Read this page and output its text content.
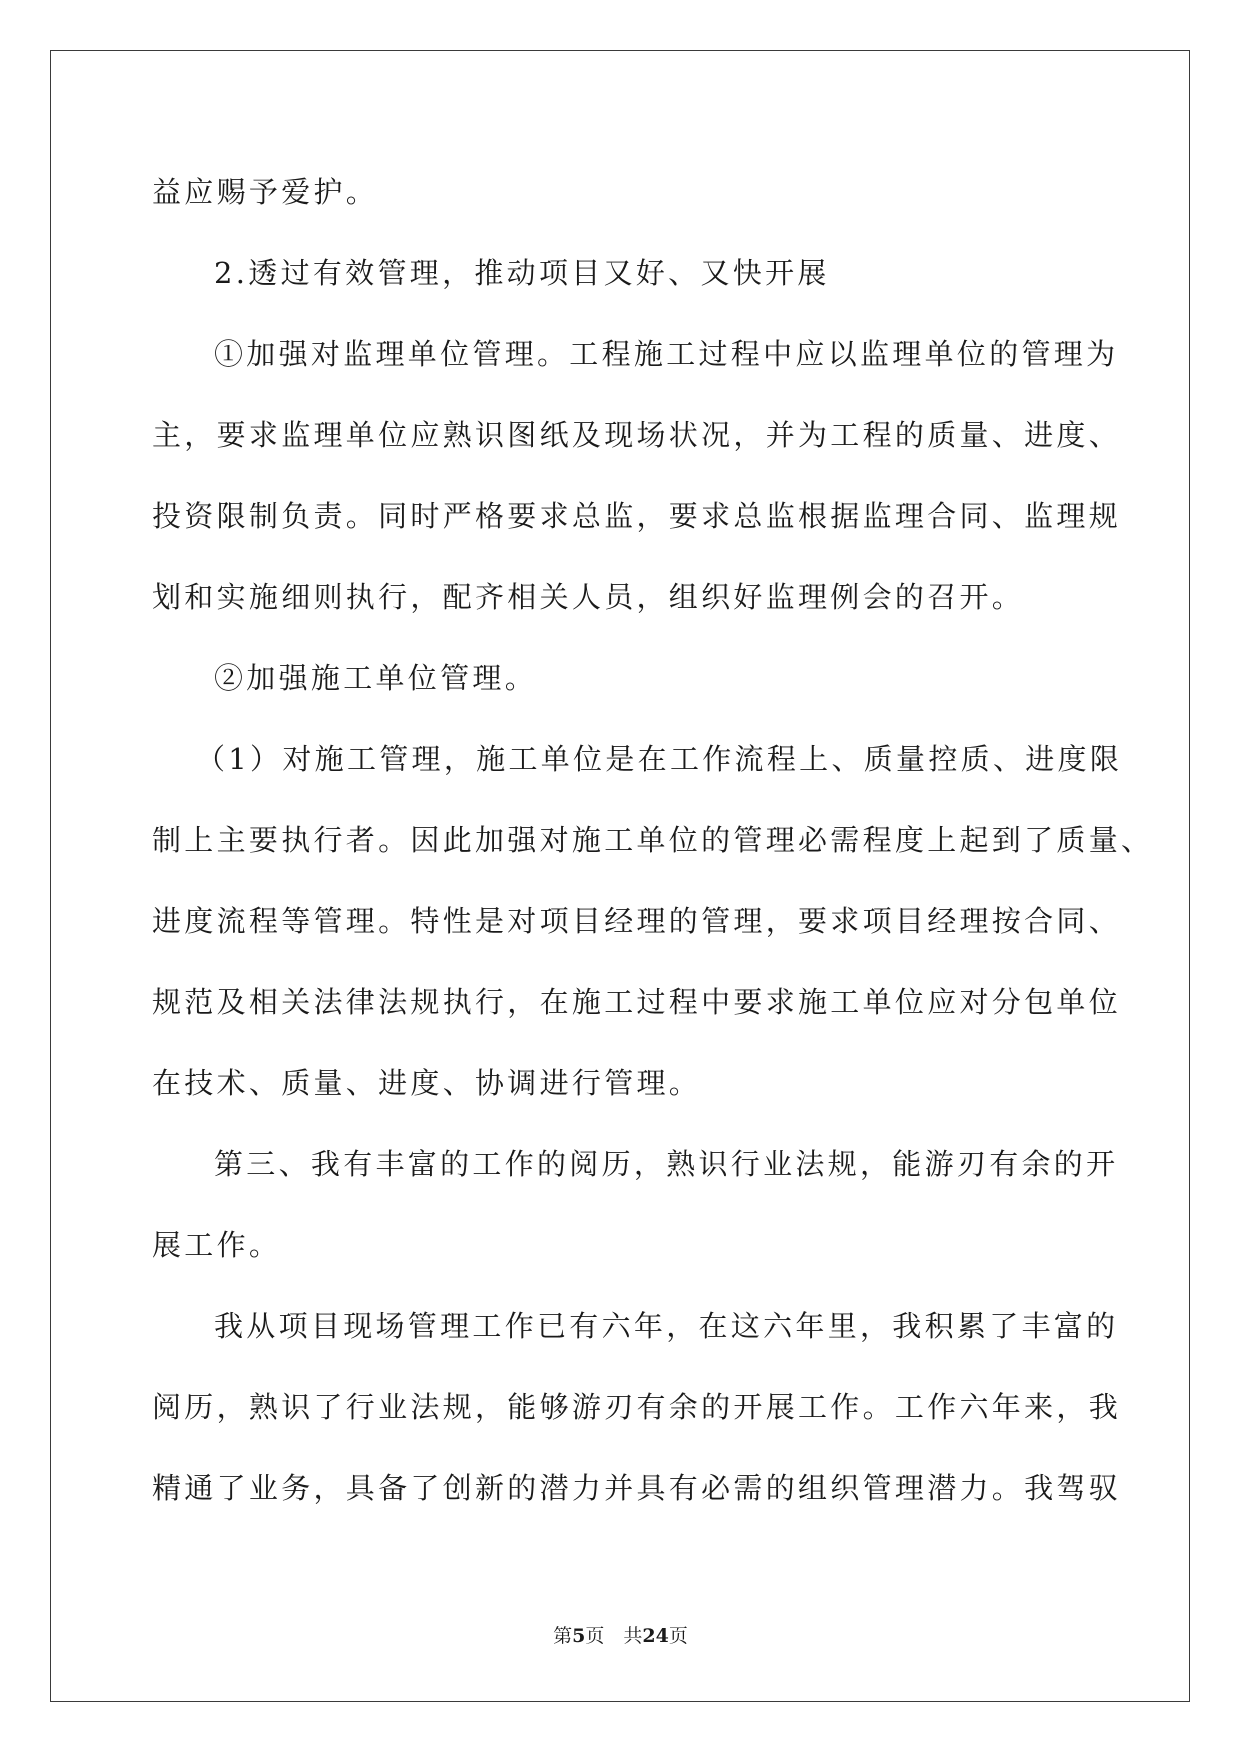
益应赐予爱护。
2.透过有效管理，推动项目又好、又快开展
①加强对监理单位管理。工程施工过程中应以监理单位的管理为
主，要求监理单位应熟识图纸及现场状况，并为工程的质量、进度、
投资限制负责。同时严格要求总监，要求总监根据监理合同、监理规
划和实施细则执行，配齐相关人员，组织好监理例会的召开。
②加强施工单位管理。
（1）对施工管理，施工单位是在工作流程上、质量控质、进度限
制上主要执行者。因此加强对施工单位的管理必需程度上起到了质量、
进度流程等管理。特性是对项目经理的管理，要求项目经理按合同、
规范及相关法律法规执行，在施工过程中要求施工单位应对分包单位
在技术、质量、进度、协调进行管理。
第三、我有丰富的工作的阅历，熟识行业法规，能游刃有余的开
展工作。
我从项目现场管理工作已有六年，在这六年里，我积累了丰富的
阅历，熟识了行业法规，能够游刃有余的开展工作。工作六年来，我
精通了业务，具备了创新的潜力并具有必需的组织管理潜力。我驾驭
第5页　共24页
